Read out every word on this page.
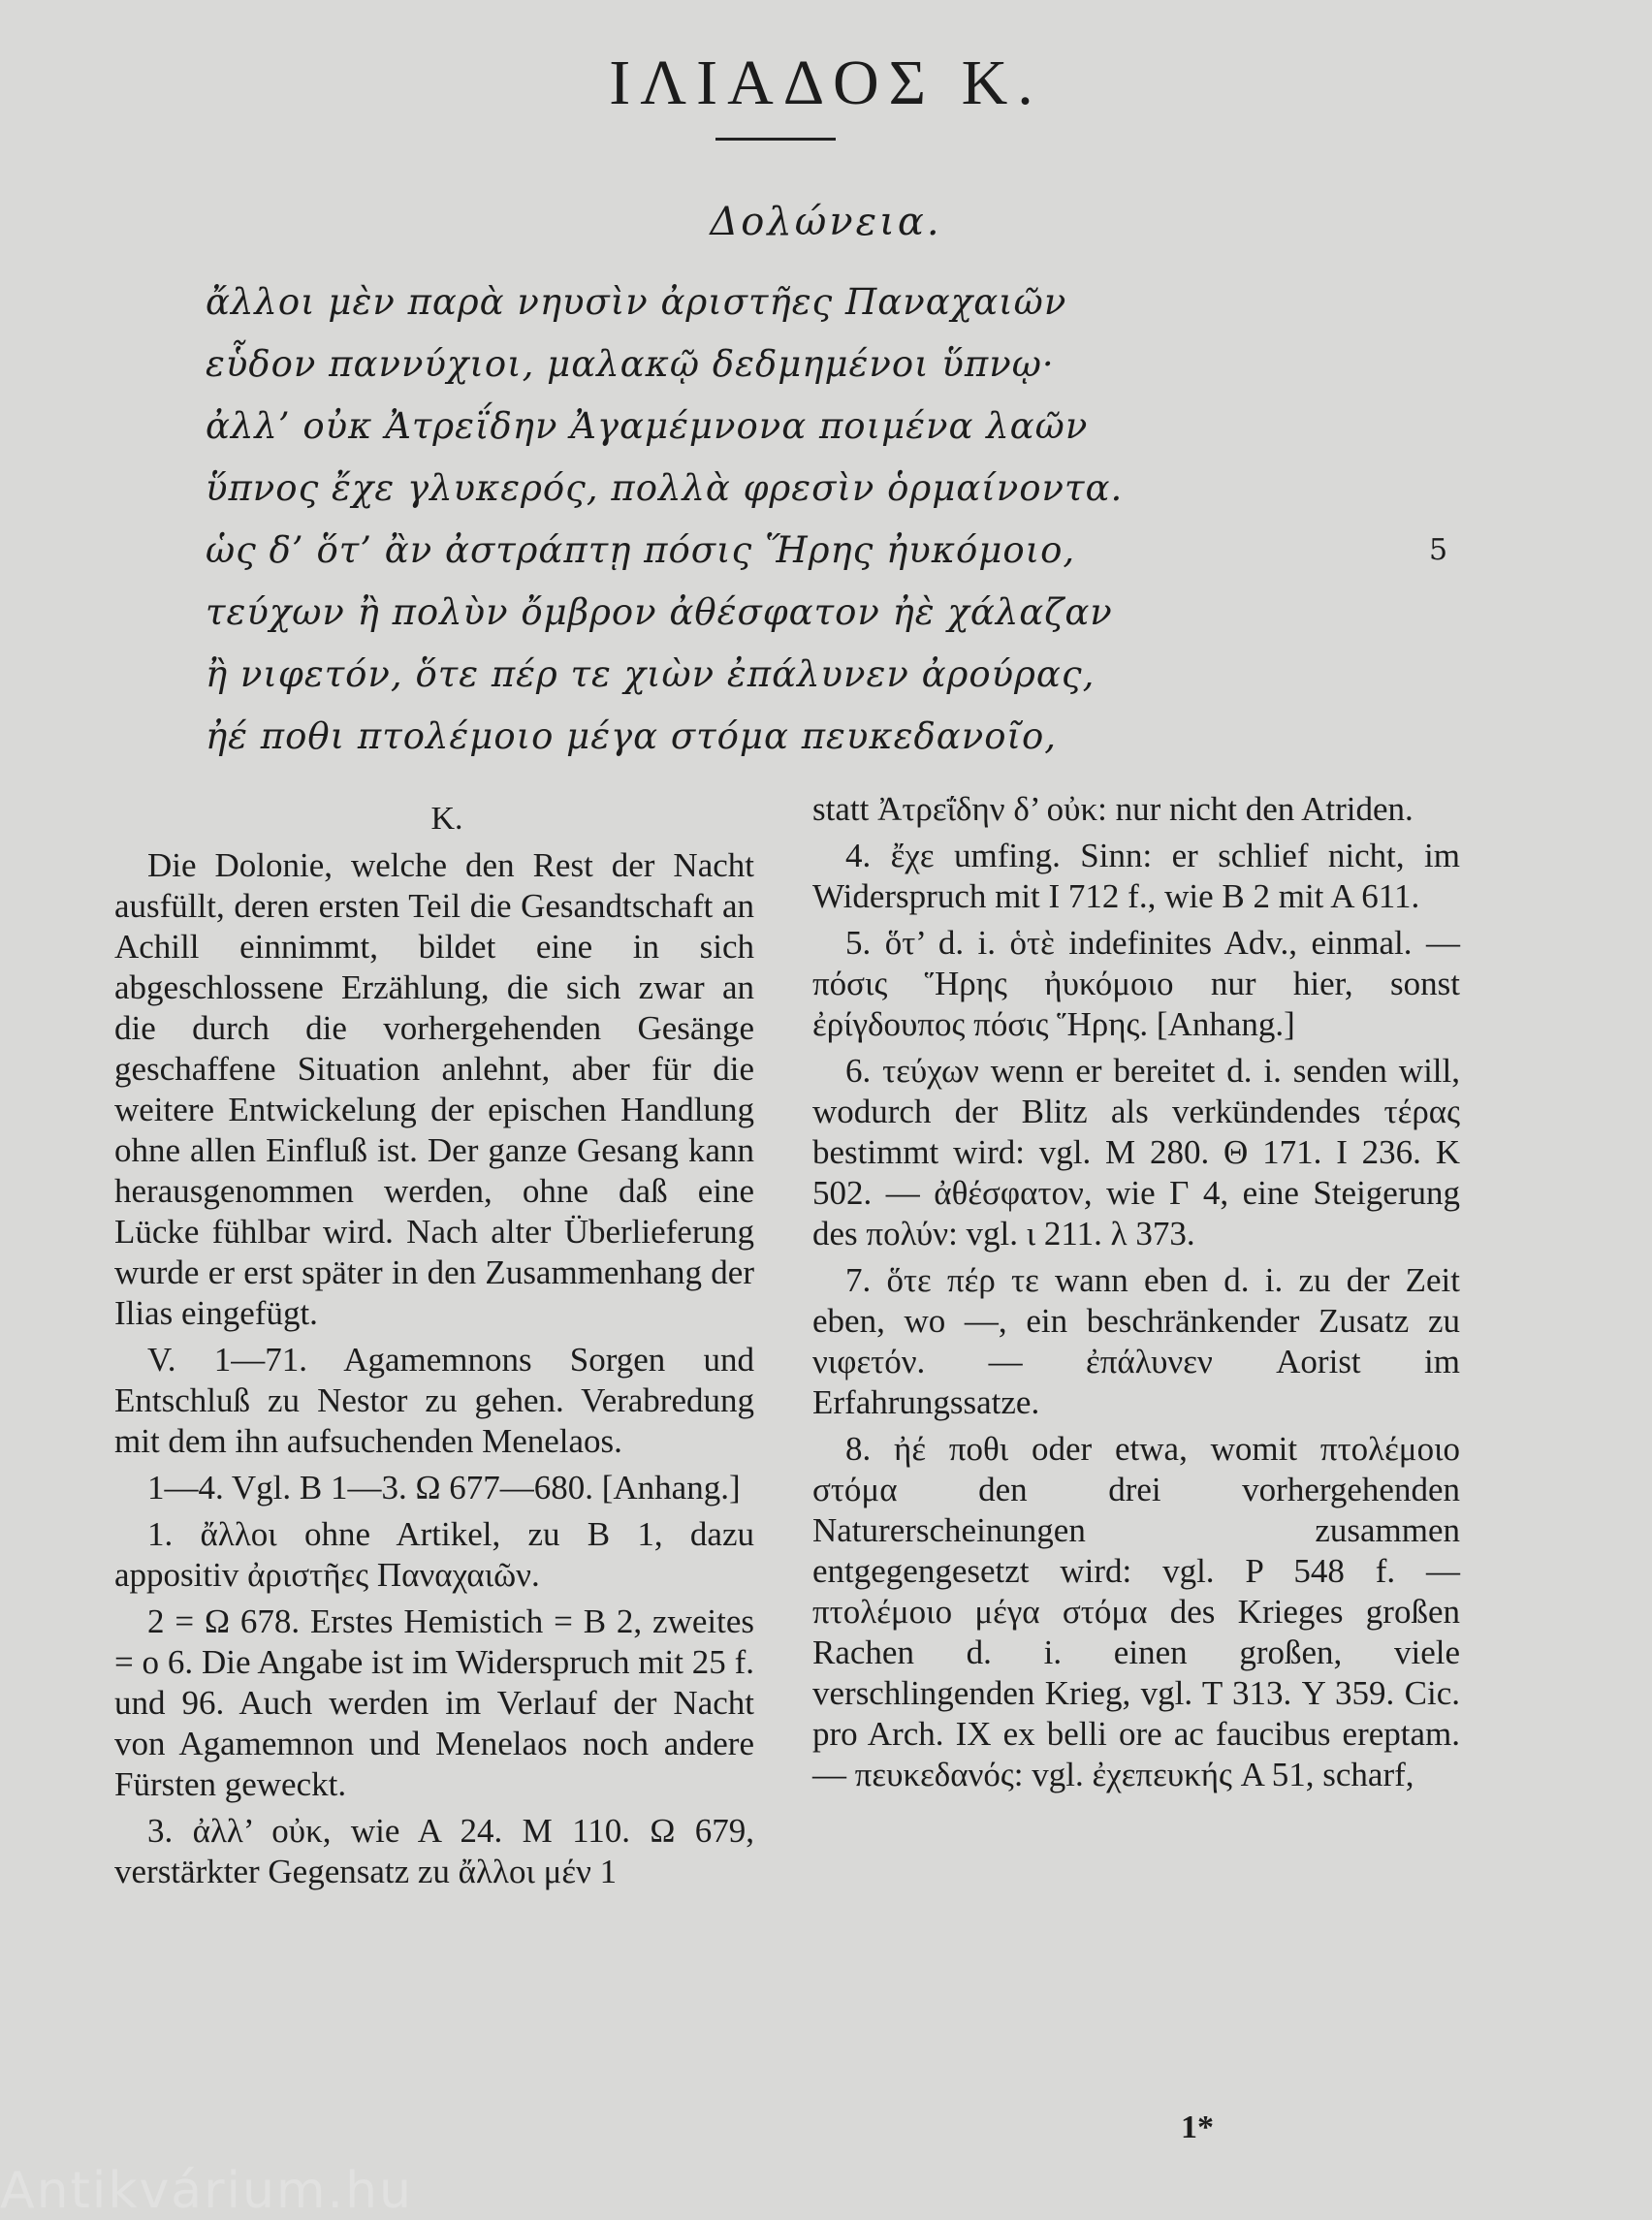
ΙΛΙΑΔΟΣ Κ.
Δολώνεια.
ἄλλοι μὲν παρὰ νηυσὶν ἀριστῆες Παναχαιῶν
εὗδον παννύχιοι, μαλακῷ δεδμημένοι ὕπνῳ·
ἀλλ’ οὐκ Ἀτρεΐδην Ἀγαμέμνονα ποιμένα λαῶν
ὕπνος ἔχε γλυκερός, πολλὰ φρεσὶν ὁρμαίνοντα.
ὡς δ’ ὅτ’ ἂν ἀστράπτῃ πόσις Ἥρης ἠυκόμοιο,	5
τεύχων ἢ πολὺν ὄμβρον ἀθέσφατον ἠὲ χάλαζαν
ἢ νιφετόν, ὅτε πέρ τε χιὼν ἐπάλυνεν ἀρούρας,
ἠέ ποθι πτολέμοιο μέγα στόμα πευκεδανοῖο,
K.

Die Dolonie, welche den Rest der Nacht ausfüllt, deren ersten Teil die Gesandtschaft an Achill einnimmt, bildet eine in sich abgeschlossene Erzählung, die sich zwar an die durch die vorhergehenden Gesänge geschaffene Situation anlehnt, aber für die weitere Entwickelung der epischen Handlung ohne allen Einfluß ist. Der ganze Gesang kann herausgenommen werden, ohne daß eine Lücke fühlbar wird. Nach alter Überlieferung wurde er erst später in den Zusammenhang der Ilias eingefügt.

V. 1—71. Agamemnons Sorgen und Entschluß zu Nestor zu gehen. Verabredung mit dem ihn aufsuchenden Menelaos.

1—4. Vgl. B 1—3. Ω 677—680. [Anhang.]

1. ἄλλοι ohne Artikel, zu B 1, dazu appositiv ἀριστῆες Παναχαιῶν.

2 = Ω 678. Erstes Hemistich = B 2, zweites = ο 6. Die Angabe ist im Widerspruch mit 25 f. und 96. Auch werden im Verlauf der Nacht von Agamemnon und Menelaos noch andere Fürsten geweckt.

3. ἀλλ’ οὐκ, wie A 24. M 110. Ω 679, verstärkter Gegensatz zu ἄλλοι μέν 1

statt Ἀτρεΐδην δ’ οὐκ: nur nicht den Atriden.

4. ἔχε umfing. Sinn: er schlief nicht, im Widerspruch mit I 712 f., wie B 2 mit A 611.

5. ὅτ’ d. i. ὁτὲ indefinites Adv., einmal. — πόσις Ἥρης ἠυκόμοιο nur hier, sonst ἐρίγδουπος πόσις Ἥρης. [Anhang.]

6. τεύχων wenn er bereitet d. i. senden will, wodurch der Blitz als verkündendes τέρας bestimmt wird: vgl. M 280. Θ 171. I 236. K 502. — ἀθέσφατον, wie Γ 4, eine Steigerung des πολύν: vgl. ι 211. λ 373.

7. ὅτε πέρ τε wann eben d. i. zu der Zeit eben, wo —, ein beschränkender Zusatz zu νιφετόν. — ἐπάλυνεν Aorist im Erfahrungssatze.

8. ἠέ ποθι oder etwa, womit πτολέμοιο στόμα den drei vorhergehenden Naturerscheinungen zusammen entgegengesetzt wird: vgl. P 548 f. — πτολέμοιο μέγα στόμα des Krieges großen Rachen d. i. einen großen, viele verschlingenden Krieg, vgl. T 313. Υ 359. Cic. pro Arch. IX ex belli ore ac faucibus ereptam. — πευκεδανός: vgl. ἐχεπευκής A 51, scharf,

1*
Antikvárium.hu
